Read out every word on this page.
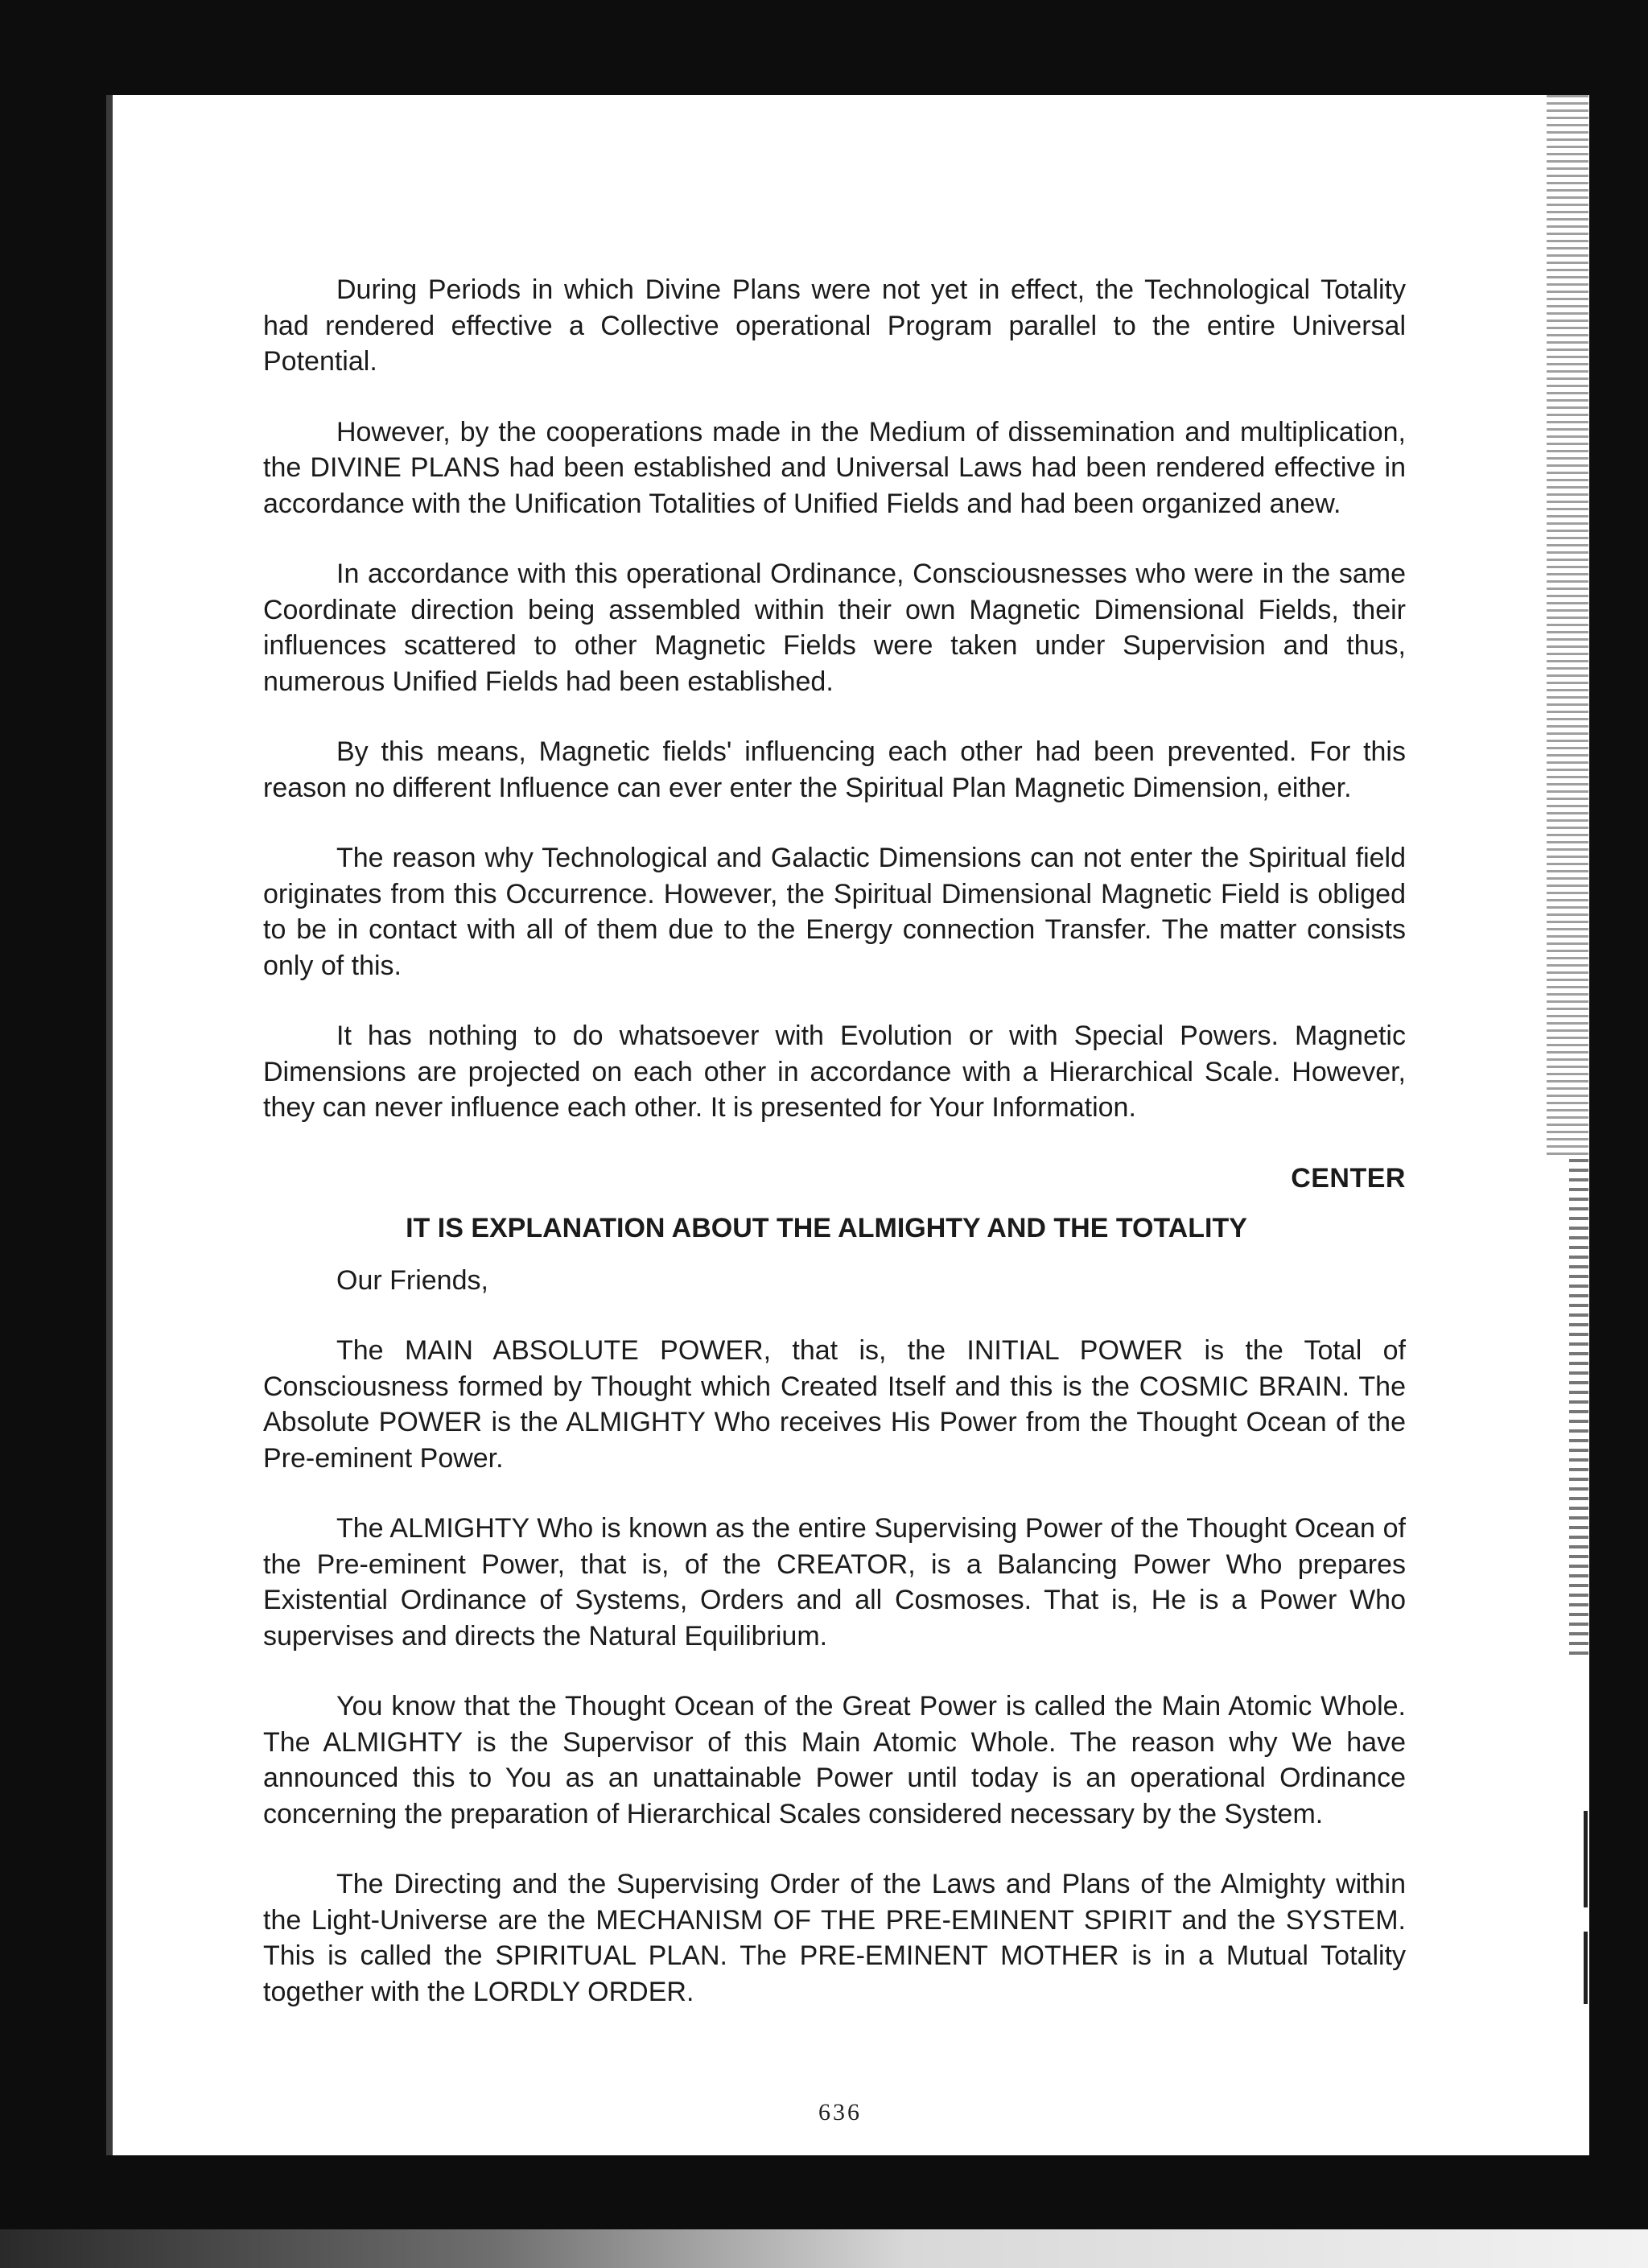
During Periods in which Divine Plans were not yet in effect, the Technological Totality had rendered effective a Collective operational Program parallel to the entire Universal Potential.

However, by the cooperations made in the Medium of dissemination and multiplication, the DIVINE PLANS had been established and Universal Laws had been rendered effective in accordance with the Unification Totalities of Unified Fields and had been organized anew.

In accordance with this operational Ordinance, Consciousnesses who were in the same Coordinate direction being assembled within their own Magnetic Dimensional Fields, their influences scattered to other Magnetic Fields were taken under Supervision and thus, numerous Unified Fields had been established.

By this means, Magnetic fields' influencing each other had been prevented. For this reason no different Influence can ever enter the Spiritual Plan Magnetic Dimension, either.

The reason why Technological and Galactic Dimensions can not enter the Spiritual field originates from this Occurrence. However, the Spiritual Dimensional Magnetic Field is obliged to be in contact with all of them due to the Energy connection Transfer. The matter consists only of this.

It has nothing to do whatsoever with Evolution or with Special Powers. Magnetic Dimensions are projected on each other in accordance with a Hierarchical Scale. However, they can never influence each other. It is presented for Your Information.

CENTER
IT IS EXPLANATION ABOUT THE ALMIGHTY AND THE TOTALITY

Our Friends,

The MAIN ABSOLUTE POWER, that is, the INITIAL POWER is the Total of Consciousness formed by Thought which Created Itself and this is the COSMIC BRAIN. The Absolute POWER is the ALMIGHTY Who receives His Power from the Thought Ocean of the Pre-eminent Power.

The ALMIGHTY Who is known as the entire Supervising Power of the Thought Ocean of the Pre-eminent Power, that is, of the CREATOR, is a Balancing Power Who prepares Existential Ordinance of Systems, Orders and all Cosmoses. That is, He is a Power Who supervises and directs the Natural Equilibrium.

You know that the Thought Ocean of the Great Power is called the Main Atomic Whole. The ALMIGHTY is the Supervisor of this Main Atomic Whole. The reason why We have announced this to You as an unattainable Power until today is an operational Ordinance concerning the preparation of Hierarchical Scales considered necessary by the System.

The Directing and the Supervising Order of the Laws and Plans of the Almighty within the Light-Universe are the MECHANISM OF THE PRE-EMINENT SPIRIT and the SYSTEM. This is called the SPIRITUAL PLAN. The PRE-EMINENT MOTHER is in a Mutual Totality together with the LORDLY ORDER.

636
